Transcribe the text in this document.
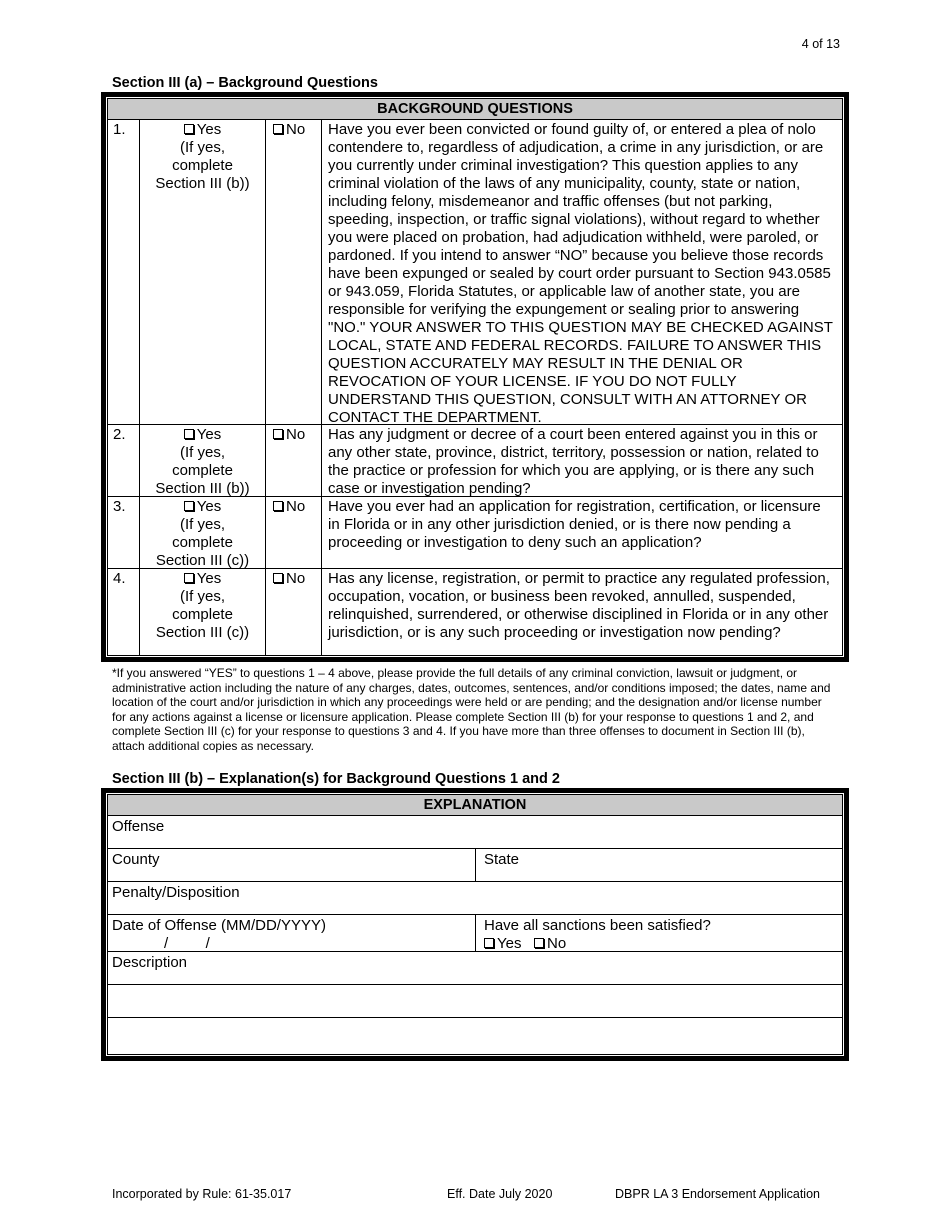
4 of 13
Section III (a) – Background Questions
BACKGROUND QUESTIONS
1.	Yes
(If yes,
complete
Section III (b))
No	Have you ever been convicted or found guilty of, or entered a plea of nolo contendere to, regardless of adjudication, a crime in any jurisdiction, or are you currently under criminal investigation? This question applies to any criminal violation of the laws of any municipality, county, state or nation, including felony, misdemeanor and traffic offenses (but not parking, speeding, inspection, or traffic signal violations), without regard to whether you were placed on probation, had adjudication withheld, were paroled, or pardoned. If you intend to answer “NO” because you believe those records have been expunged or sealed by court order pursuant to Section 943.0585 or 943.059, Florida Statutes, or applicable law of another state, you are responsible for verifying the expungement or sealing prior to answering "NO." YOUR ANSWER TO THIS QUESTION MAY BE CHECKED AGAINST LOCAL, STATE AND FEDERAL RECORDS. FAILURE TO ANSWER THIS QUESTION ACCURATELY MAY RESULT IN THE DENIAL OR REVOCATION OF YOUR LICENSE. IF YOU DO NOT FULLY UNDERSTAND THIS QUESTION, CONSULT WITH AN ATTORNEY OR CONTACT THE DEPARTMENT.
2.	Yes
(If yes,
complete
Section III (b))
No	Has any judgment or decree of a court been entered against you in this or any other state, province, district, territory, possession or nation, related to the practice or profession for which you are applying, or is there any such case or investigation pending?
3.	Yes
(If yes,
complete
Section III (c))
No	Have you ever had an application for registration, certification, or licensure in Florida or in any other jurisdiction denied, or is there now pending a proceeding or investigation to deny such an application?
4.	Yes
(If yes,
complete
Section III (c))
No	Has any license, registration, or permit to practice any regulated profession, occupation, vocation, or business been revoked, annulled, suspended, relinquished, surrendered, or otherwise disciplined in Florida or in any other jurisdiction, or is any such proceeding or investigation now pending?
*If you answered “YES” to questions 1 – 4 above, please provide the full details of any criminal conviction, lawsuit or judgment, or administrative action including the nature of any charges, dates, outcomes, sentences, and/or conditions imposed; the dates, name and location of the court and/or jurisdiction in which any proceedings were held or are pending; and the designation and/or license number for any actions against a license or licensure application. Please complete Section III (b) for your response to questions 1 and 2, and complete Section III (c) for your response to questions 3 and 4. If you have more than three offenses to document in Section III (b), attach additional copies as necessary.
Section III (b) – Explanation(s) for Background Questions 1 and 2
EXPLANATION
Offense
County	State
Penalty/Disposition
Date of Offense (MM/DD/YYYY)
/         /
Have all sanctions been satisfied?
Yes No
Description
Incorporated by Rule: 61-35.017	Eff. Date July 2020	DBPR LA 3 Endorsement Application
